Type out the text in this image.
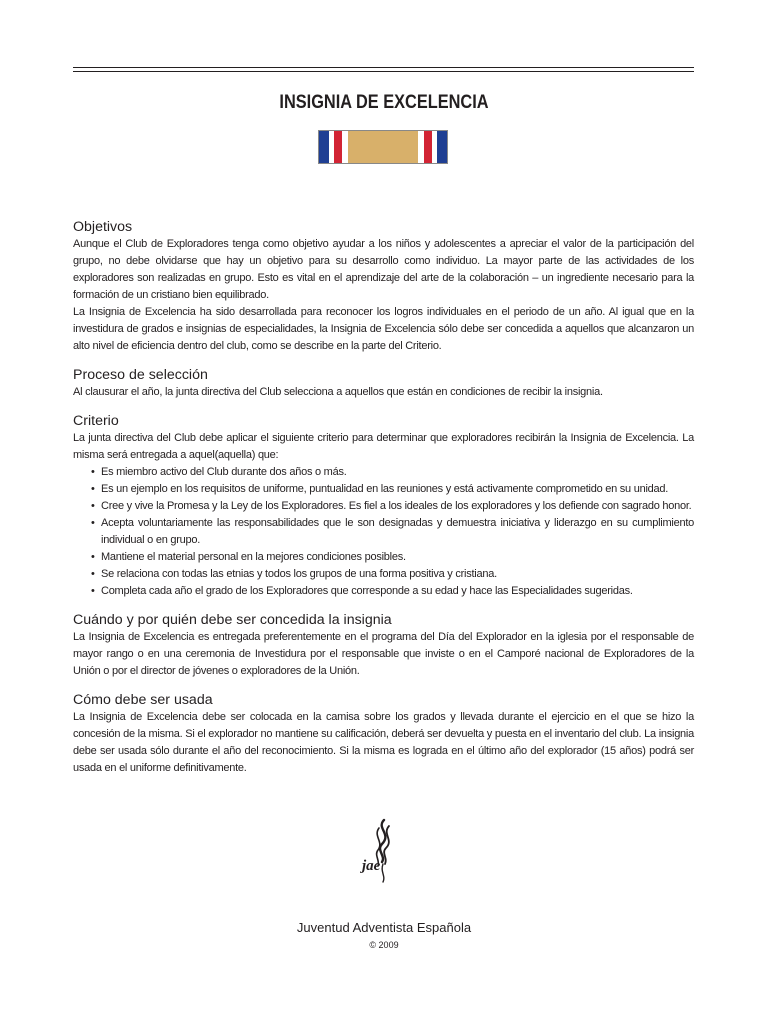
INSIGNIA DE EXCELENCIA
Objetivos

Aunque el Club de Exploradores tenga como objetivo ayudar a los niños y adolescentes a apreciar el valor de la participación del grupo, no debe olvidarse que hay un objetivo para su desarrollo como individuo. La mayor parte de las actividades de los exploradores son realizadas en grupo. Esto es vital en el aprendizaje del arte de la colaboración – un ingrediente necesario para la formación de un cristiano bien equilibrado.

La Insignia de Excelencia ha sido desarrollada para reconocer los logros individuales en el periodo de un año. Al igual que en la investidura de grados e insignias de especialidades, la Insignia de Excelencia sólo debe ser concedida a aquellos que alcanzaron un alto nivel de eficiencia dentro del club, como se describe en la parte del Criterio.

Proceso de selección

Al clausurar el año, la junta directiva del Club selecciona a aquellos que están en condiciones de recibir la insignia.

Criterio

La junta directiva del Club debe aplicar el siguiente criterio para determinar que exploradores recibirán la Insignia de Excelencia. La misma será entregada a aquel(aquella) que:

• Es miembro activo del Club durante dos años o más.
• Es un ejemplo en los requisitos de uniforme, puntualidad en las reuniones y está activamente comprometido en su unidad.
• Cree y vive la Promesa y la Ley de los Exploradores. Es fiel a los ideales de los exploradores y los defiende con sagrado honor.
• Acepta voluntariamente las responsabilidades que le son designadas y demuestra iniciativa y liderazgo en su cumplimiento individual o en grupo.
• Mantiene el material personal en la mejores condiciones posibles.
• Se relaciona con todas las etnias y todos los grupos de una forma positiva y cristiana.
• Completa cada año el grado de los Exploradores que corresponde a su edad y hace las Especialidades sugeridas.
Cuándo y por quién debe ser concedida la insignia

La Insignia de Excelencia es entregada preferentemente en el programa del Día del Explorador en la iglesia por el responsable de mayor rango o en una ceremonia de Investidura por el responsable que inviste o en el Camporé nacional de Exploradores de la Unión o por el director de jóvenes o exploradores de la Unión.

Cómo debe ser usada

La Insignia de Excelencia debe ser colocada en la camisa sobre los grados y llevada durante el ejercicio en el que se hizo la concesión de la misma. Si el explorador no mantiene su calificación, deberá ser devuelta y puesta en el inventario del club. La insignia debe ser usada sólo durante el año del reconocimiento. Si la misma es lograda en el último año del explorador (15 años) podrá ser usada en el uniforme definitivamente.

jae
Juventud Adventista Española
© 2009
